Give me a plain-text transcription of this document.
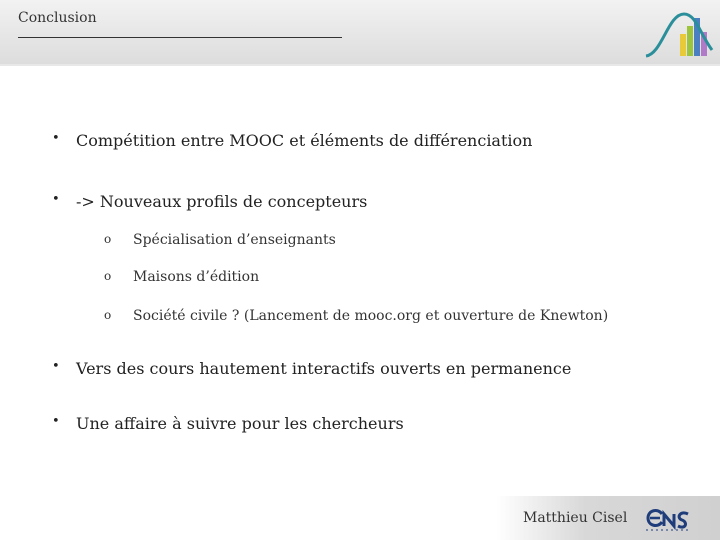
Conclusion
• Compétition entre MOOC et éléments de différenciation
• -> Nouveaux profils de concepteurs
o Spécialisation d’enseignants
o Maisons d’édition
o Société civile ? (Lancement de mooc.org et ouverture de Knewton)
• Vers des cours hautement interactifs ouverts en permanence
• Une affaire à suivre pour les chercheurs
Matthieu Cisel
